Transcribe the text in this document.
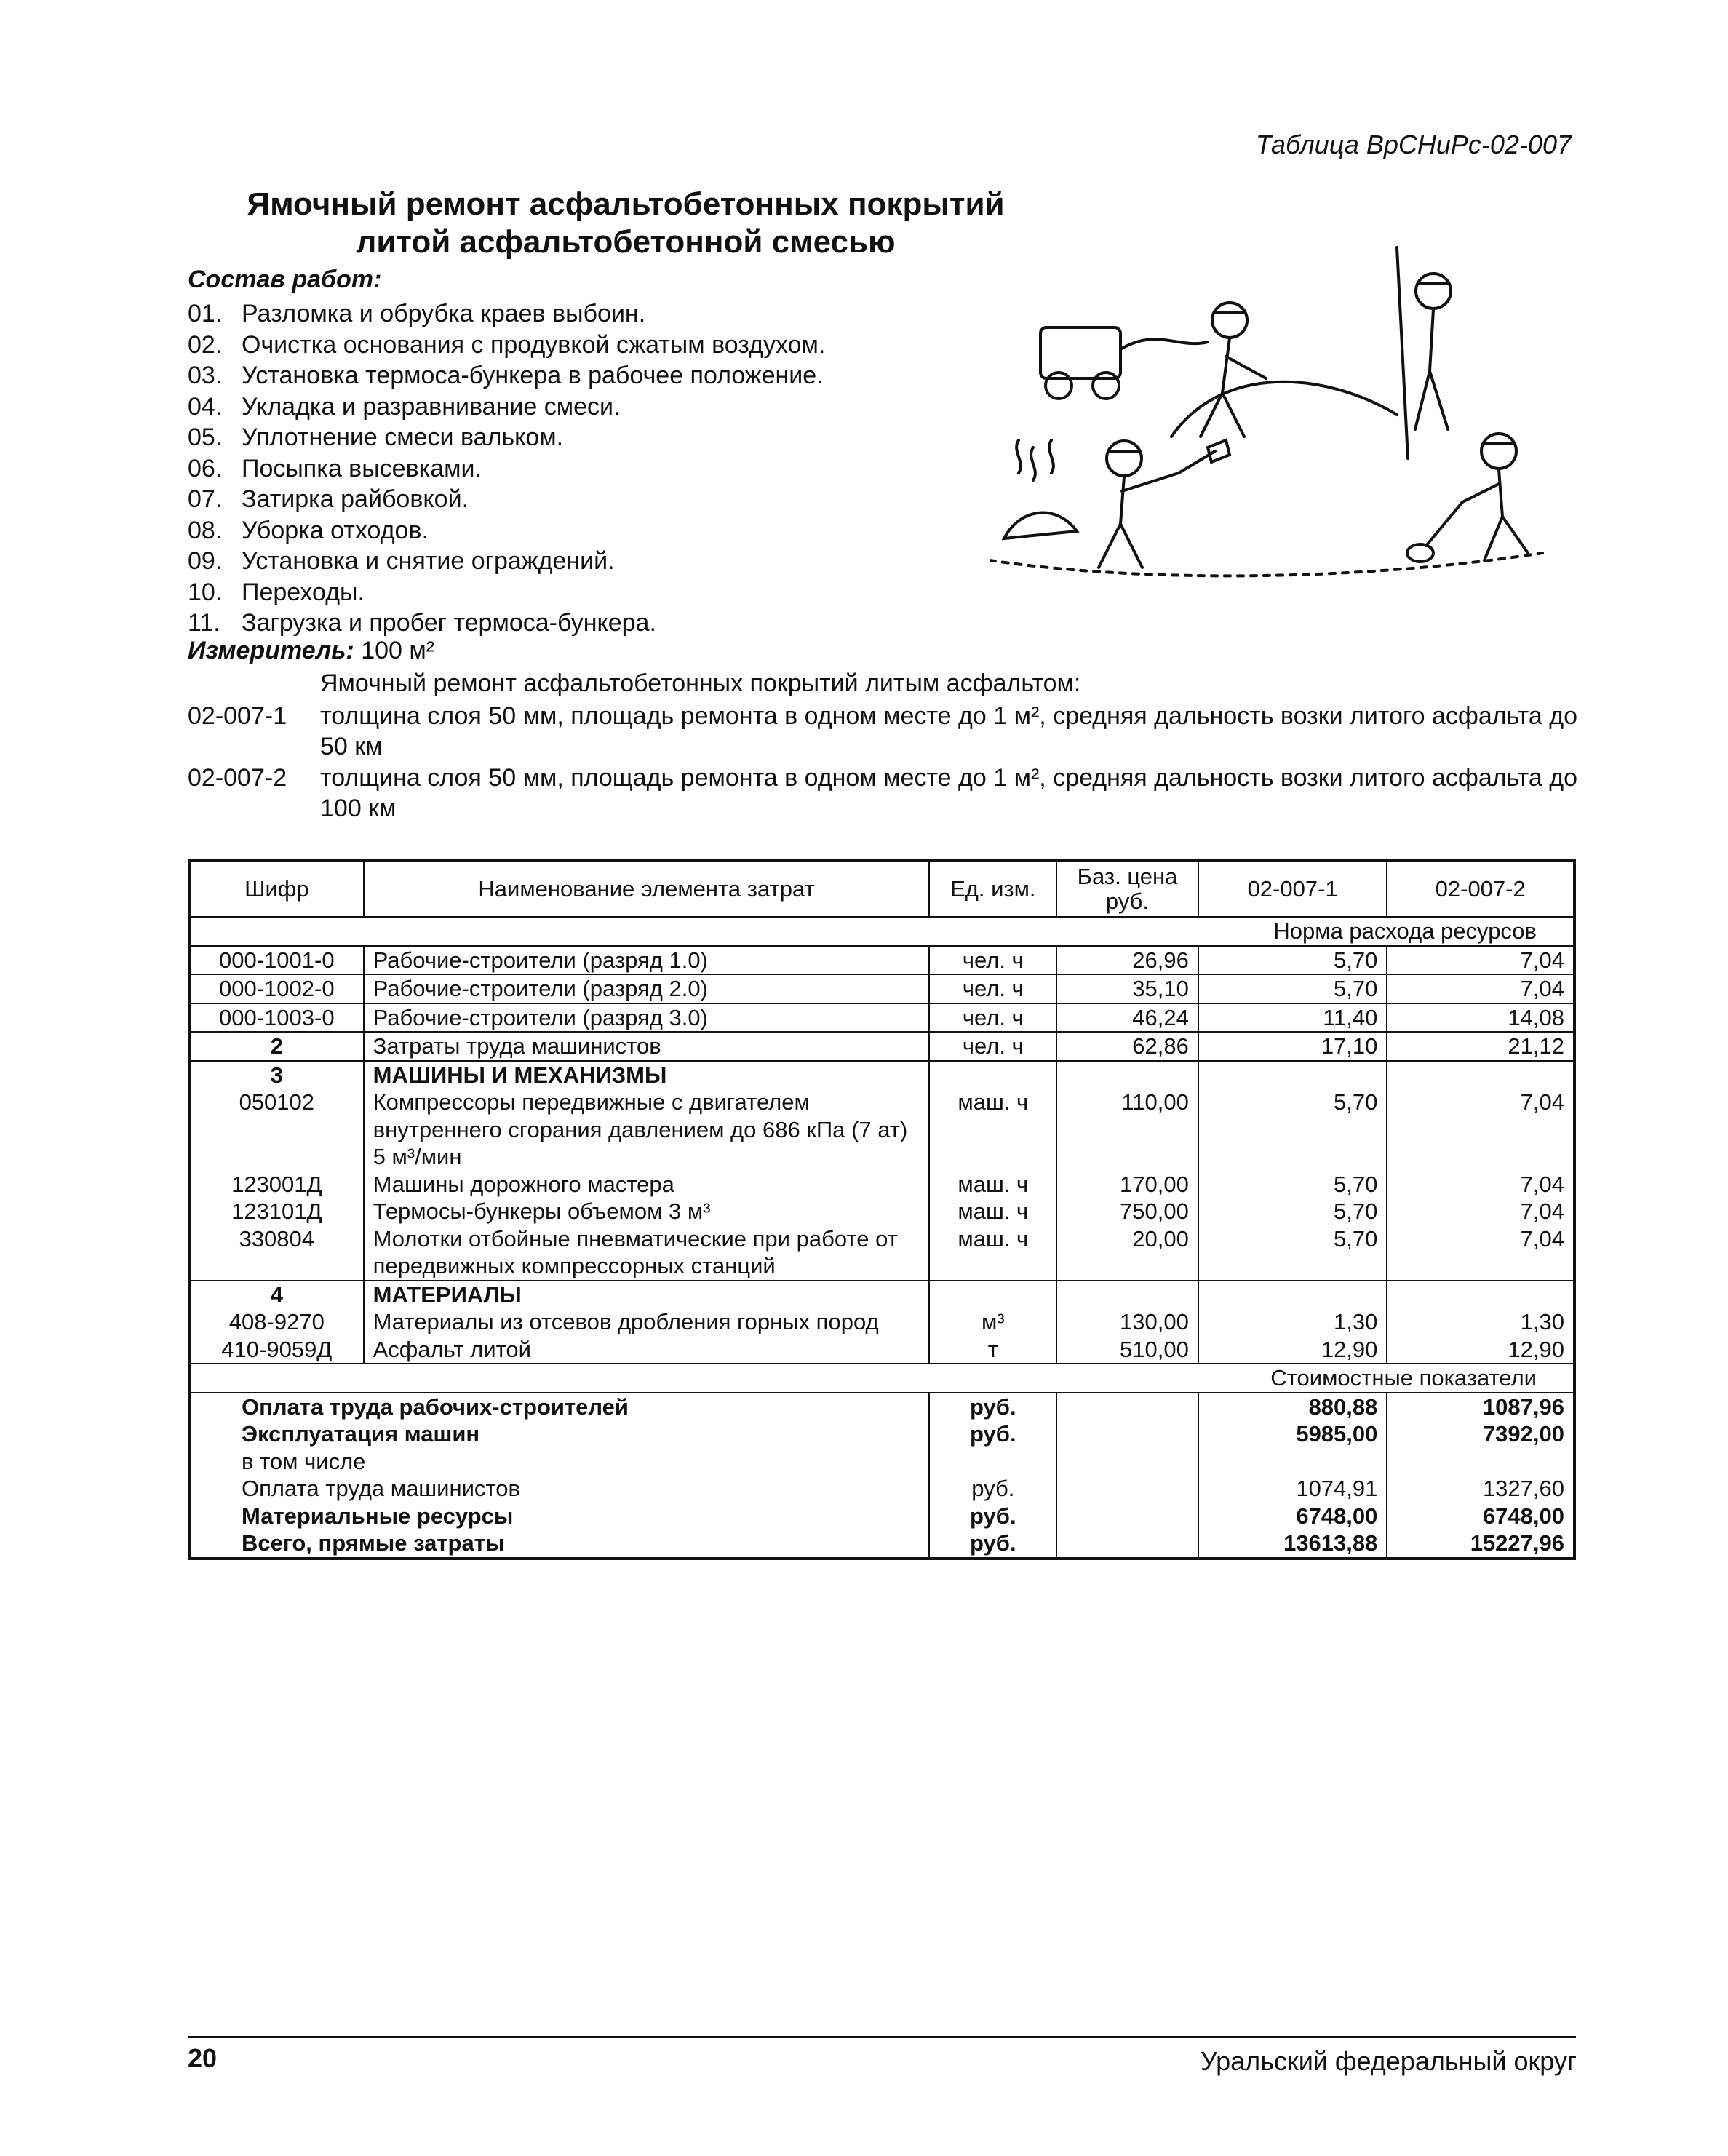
Таблица ВрСНиРс-02-007
Ямочный ремонт асфальтобетонных покрытий
литой асфальтобетонной смесью
Состав работ:
01. Разломка и обрубка краев выбоин.
02. Очистка основания с продувкой сжатым воздухом.
03. Установка термоса-бункера в рабочее положение.
04. Укладка и разравнивание смеси.
05. Уплотнение смеси вальком.
06. Посыпка высевками.
07. Затирка райбовкой.
08. Уборка отходов.
09. Установка и снятие ограждений.
10. Переходы.
11. Загрузка и пробег термоса-бункера.
Измеритель: 100 м²
Ямочный ремонт асфальтобетонных покрытий литым асфальтом:
02-007-1	толщина слоя 50 мм, площадь ремонта в одном месте до 1 м², средняя дальность возки литого асфальта до 50 км
02-007-2	толщина слоя 50 мм, площадь ремонта в одном месте до 1 м², средняя дальность возки литого асфальта до 100 км
Шифр	Наименование элемента затрат	Ед. изм.	Баз. цена руб.	02-007-1	02-007-2
Норма расхода ресурсов					
000-1001-0	Рабочие-строители (разряд 1.0)	чел. ч	26,96	5,70	7,04
000-1002-0	Рабочие-строители (разряд 2.0)	чел. ч	35,10	5,70	7,04
000-1003-0	Рабочие-строители (разряд 3.0)	чел. ч	46,24	11,40	14,08
2	Затраты труда машинистов	чел. ч	62,86	17,10	21,12
3	МАШИНЫ И МЕХАНИЗМЫ				
050102	Компрессоры передвижные с двигателем внутреннего сгорания давлением до 686 кПа (7 ат) 5 м³/мин	маш. ч	110,00	5,70	7,04
123001Д	Машины дорожного мастера	маш. ч	170,00	5,70	7,04
123101Д	Термосы-бункеры объемом 3 м³	маш. ч	750,00	5,70	7,04
330804	Молотки отбойные пневматические при работе от передвижных компрессорных станций	маш. ч	20,00	5,70	7,04
4	МАТЕРИАЛЫ				
408-9270	Материалы из отсевов дробления горных пород	м³	130,00	1,30	1,30
410-9059Д	Асфальт литой	т	510,00	12,90	12,90
Стоимостные показатели					
Оплата труда рабочих-строителей		руб.		880,88	1087,96
Эксплуатация машин		руб.		5985,00	7392,00
в том числе					
Оплата труда машинистов		руб.		1074,91	1327,60
Материальные ресурсы		руб.		6748,00	6748,00
Всего, прямые затраты		руб.		13613,88	15227,96
20	Уральский федеральный округ
